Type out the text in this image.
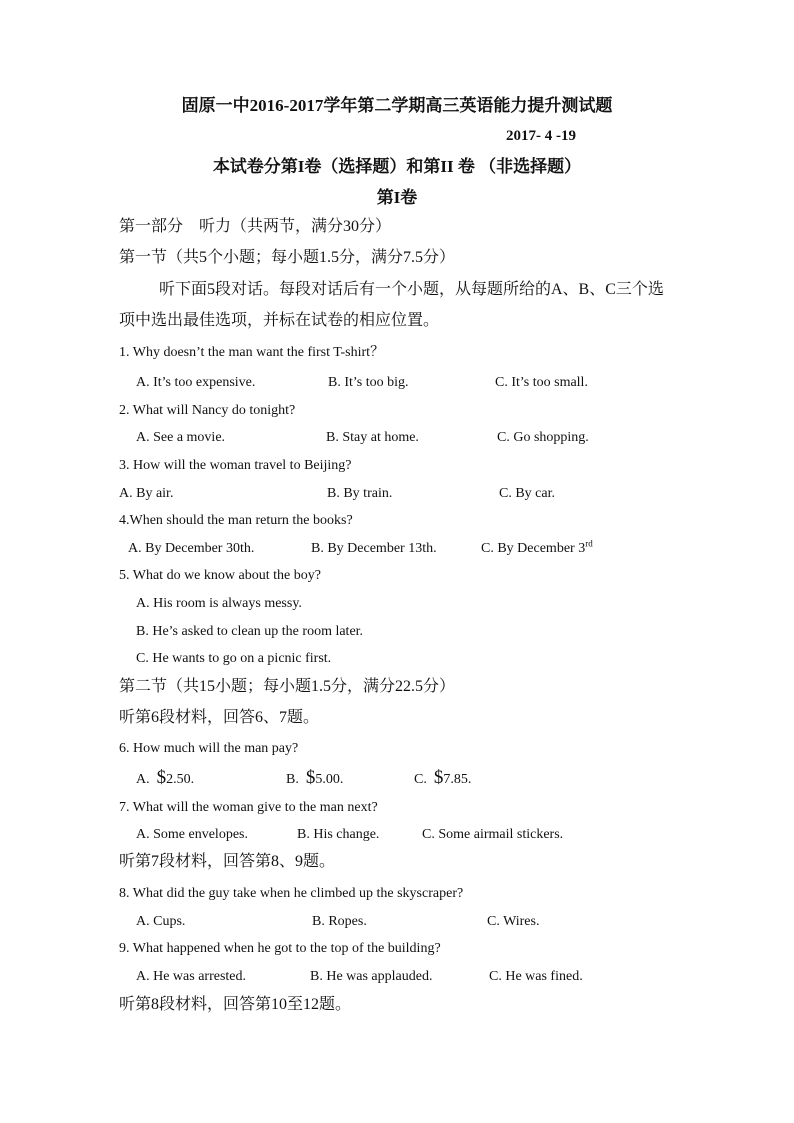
固原一中2016-2017学年第二学期高三英语能力提升测试题
2017- 4 -19
本试卷分第I卷（选择题）和第II 卷 （非选择题）
第I卷
第一部分　听力（共两节，满分30分）
第一节（共5个小题；每小题1.5分，满分7.5分）
听下面5段对话。每段对话后有一个小题，从每题所给的A、B、C三个选
项中选出最佳选项，并标在试卷的相应位置。
1. Why doesn’t the man want the first T-shirt？
A. It’s too expensive.	B. It’s too big.	C. It’s too small.
2. What will Nancy do tonight?
A. See a movie.	B. Stay at home.	C. Go shopping.
3. How will the woman travel to Beijing?
A. By air.	B. By train.	C. By car.
4.When should the man return the books?
A. By December 30th.	B. By December 13th.	C. By December 3rd
5. What do we know about the boy?
A. His room is always messy.
B. He’s asked to clean up the room later.
C. He wants to go on a picnic first.
第二节（共15小题；每小题1.5分，满分22.5分）
听第6段材料，回答6、7题。
6. How much will the man pay?
A. $2.50.	B. $5.00.	C. $7.85.
7. What will the woman give to the man next?
A. Some envelopes.	B. His change.	C. Some airmail stickers.
听第7段材料，回答第8、9题。
8. What did the guy take when he climbed up the skyscraper?
A. Cups.	B. Ropes.	C. Wires.
9. What happened when he got to the top of the building?
A. He was arrested.	B. He was applauded.	C. He was fined.
听第8段材料，回答第10至12题。
